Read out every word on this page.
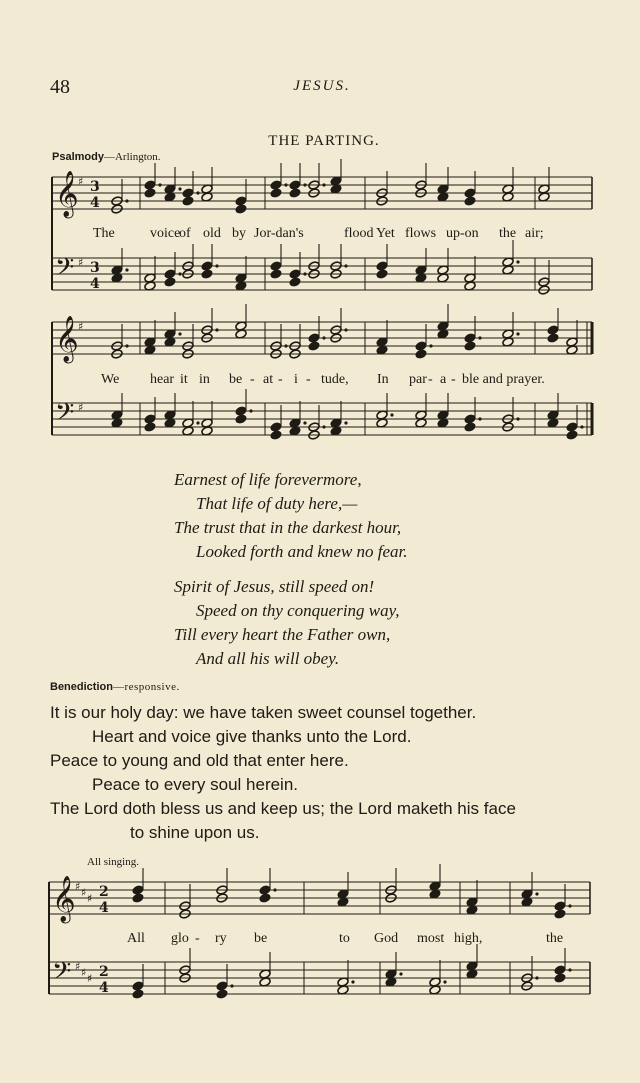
48	JESUS.
THE PARTING.
Psalmody—Arlington.
𝄞 ♯
𝄢 ♯
𝄞 ♯
𝄢 ♯
𝄞 ♯ ♯ ♯
𝄢 ♯ ♯ ♯
3
4
3
4
2
4
2
4
The	voice
of old by Jor-dan's	flood Yet flows up-on the air;
We hear it in be - at - i - tude, In par - a - ble and prayer.
Earnest of life forevermore,
That life of duty here,—
The trust that in the darkest hour,
Looked forth and knew no fear.
Spirit of Jesus, still speed on!
Speed on thy conquering way,
Till every heart the Father own,
And all his will obey.
Benediction—responsive.
It is our holy day: we have taken sweet counsel together.
Heart and voice give thanks unto the Lord.
Peace to young and old that enter here.
Peace to every soul herein.
The Lord doth bless us and keep us; the Lord maketh his face
to shine upon us.
All singing.
All glo - ry be	to God most high,	the
